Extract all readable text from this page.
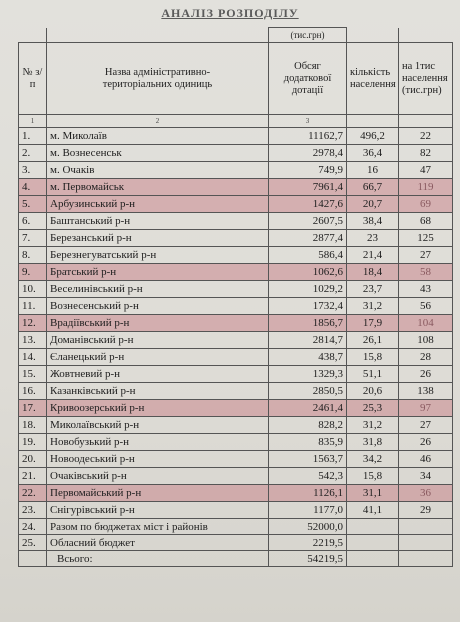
АНАЛІЗ РОЗПОДІЛУ
		(тис.грн)		
№ з/п	Назва адміністративно-територіальних одиниць	Обсяг додаткової дотації	кількість населення	на 1тис населення (тис.грн)
1	2	3		
1.	м. Миколаїв	11162,7	496,2	22
2.	м. Вознесенськ	2978,4	36,4	82
3.	м. Очаків	749,9	16	47
4.	м. Первомайськ	7961,4	66,7	119
5.	Арбузинський р-н	1427,6	20,7	69
6.	Баштанський р-н	2607,5	38,4	68
7.	Березанський р-н	2877,4	23	125
8.	Березнегуватський р-н	586,4	21,4	27
9.	Братський р-н	1062,6	18,4	58
10.	Веселинівський р-н	1029,2	23,7	43
11.	Вознесенський р-н	1732,4	31,2	56
12.	Врадіївський р-н	1856,7	17,9	104
13.	Доманівський р-н	2814,7	26,1	108
14.	Єланецький р-н	438,7	15,8	28
15.	Жовтневий р-н	1329,3	51,1	26
16.	Казанківський р-н	2850,5	20,6	138
17.	Кривоозерський р-н	2461,4	25,3	97
18.	Миколаївський р-н	828,2	31,2	27
19.	Новобузький р-н	835,9	31,8	26
20.	Новоодеський р-н	1563,7	34,2	46
21.	Очаківський р-н	542,3	15,8	34
22.	Первомайський р-н	1126,1	31,1	36
23.	Снігурівський р-н	1177,0	41,1	29
24.	Разом по бюджетах міст і районів	52000,0		
25.	Обласний бюджет	2219,5		
	Всього:	54219,5		
